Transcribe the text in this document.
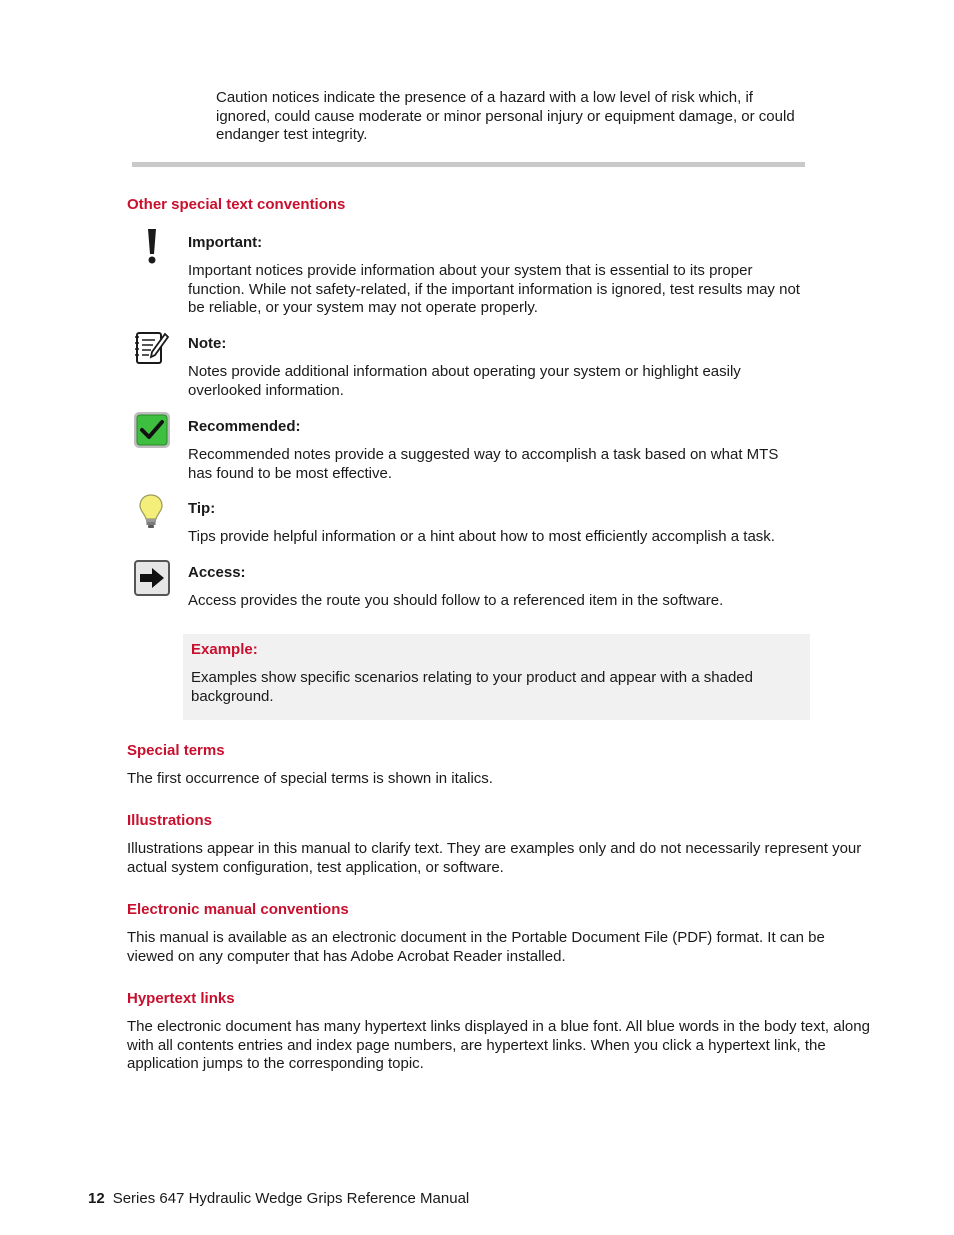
Caution notices indicate the presence of a hazard with a low level of risk which, if ignored, could cause moderate or minor personal injury or equipment damage, or could endanger test integrity.

Other special text conventions

Important:

Important notices provide information about your system that is essential to its proper function. While not safety-related, if the important information is ignored, test results may not be reliable, or your system may not operate properly.

Note:

Notes provide additional information about operating your system or highlight easily overlooked information.

Recommended:

Recommended notes provide a suggested way to accomplish a task based on what MTS has found to be most effective.

Tip:

Tips provide helpful information or a hint about how to most efficiently accomplish a task.

Access:

Access provides the route you should follow to a referenced item in the software.

Example:

Examples show specific scenarios relating to your product and appear with a shaded background.

Special terms

The first occurrence of special terms is shown in italics.

Illustrations

Illustrations appear in this manual to clarify text. They are examples only and do not necessarily represent your actual system configuration, test application, or software.

Electronic manual conventions

This manual is available as an electronic document in the Portable Document File (PDF) format. It can be viewed on any computer that has Adobe Acrobat Reader installed.

Hypertext links

The electronic document has many hypertext links displayed in a blue font. All blue words in the body text, along with all contents entries and index page numbers, are hypertext links. When you click a hypertext link, the application jumps to the corresponding topic.

12 Series 647 Hydraulic Wedge Grips Reference Manual
